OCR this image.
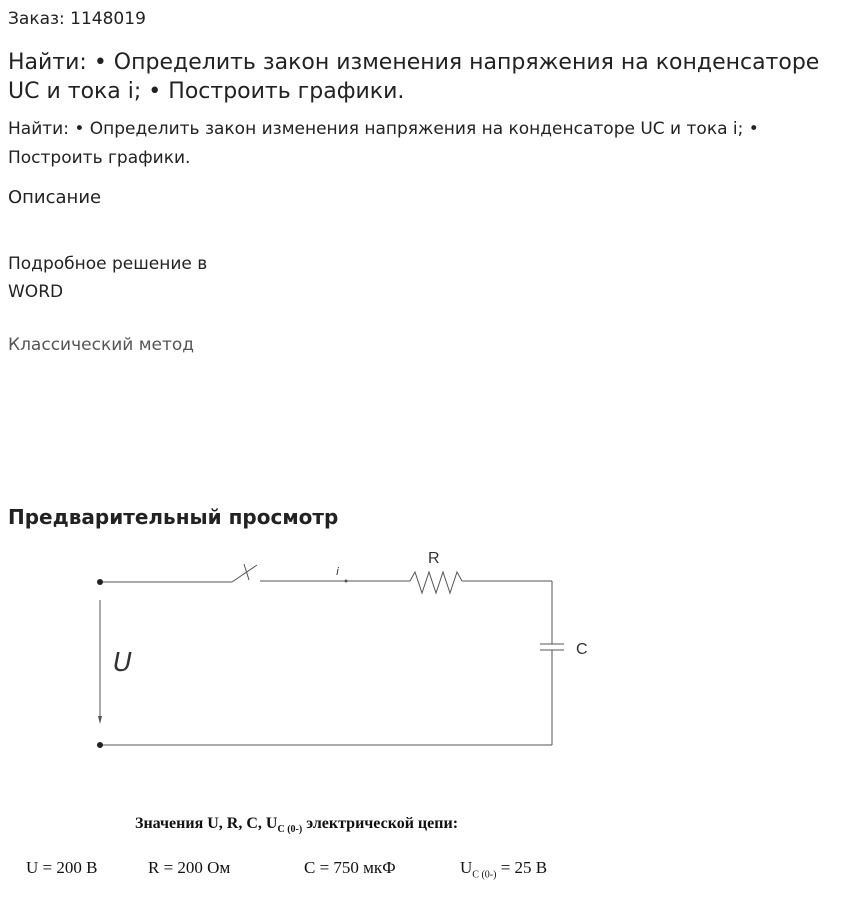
Заказ: 1148019
Найти: • Определить закон изменения напряжения на конденсаторе UC и тока i; • Построить графики.
Найти: • Определить закон изменения напряжения на конденсаторе UC и тока i; • Построить графики.
Описание
Подробное решение в WORD
Классический метод
Предварительный просмотр
U
i
R
C
Значения U, R, C, $U_{C (0-)}$ электрической цепи:
U = 200 В	R = 200 Ом	C = 750 мкФ	$U_{C (0-)} = 25$ В
